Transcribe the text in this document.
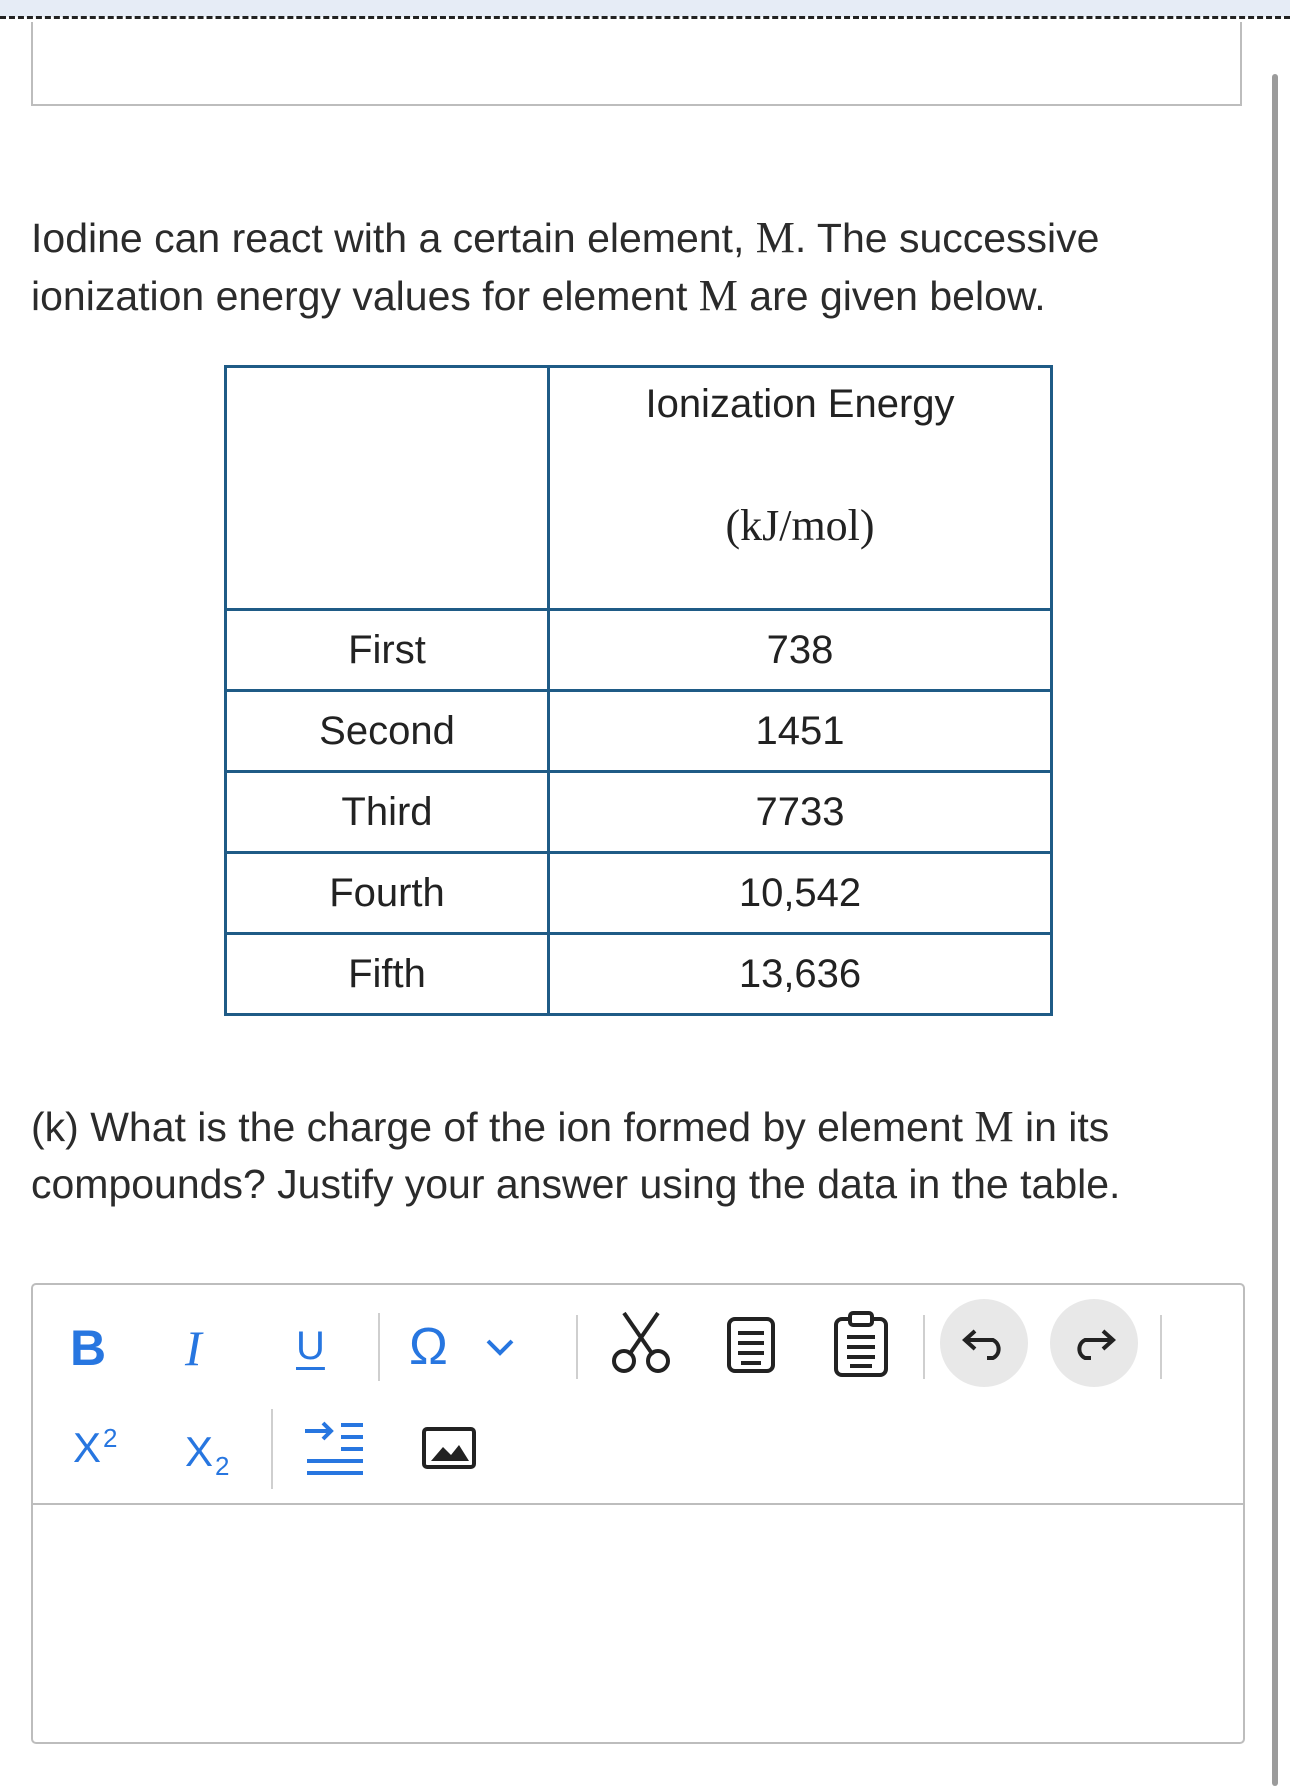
Iodine can react with a certain element, M. The successive ionization energy values for element M are given below.

	Ionization Energy
(kJ/mol)

First	738
Second	1451
Third	7733
Fourth	10,542
Fifth	13,636

(k) What is the charge of the ion formed by element M in its compounds? Justify your answer using the data in the table.

B I U Ω
$X^2$ $X_2$
